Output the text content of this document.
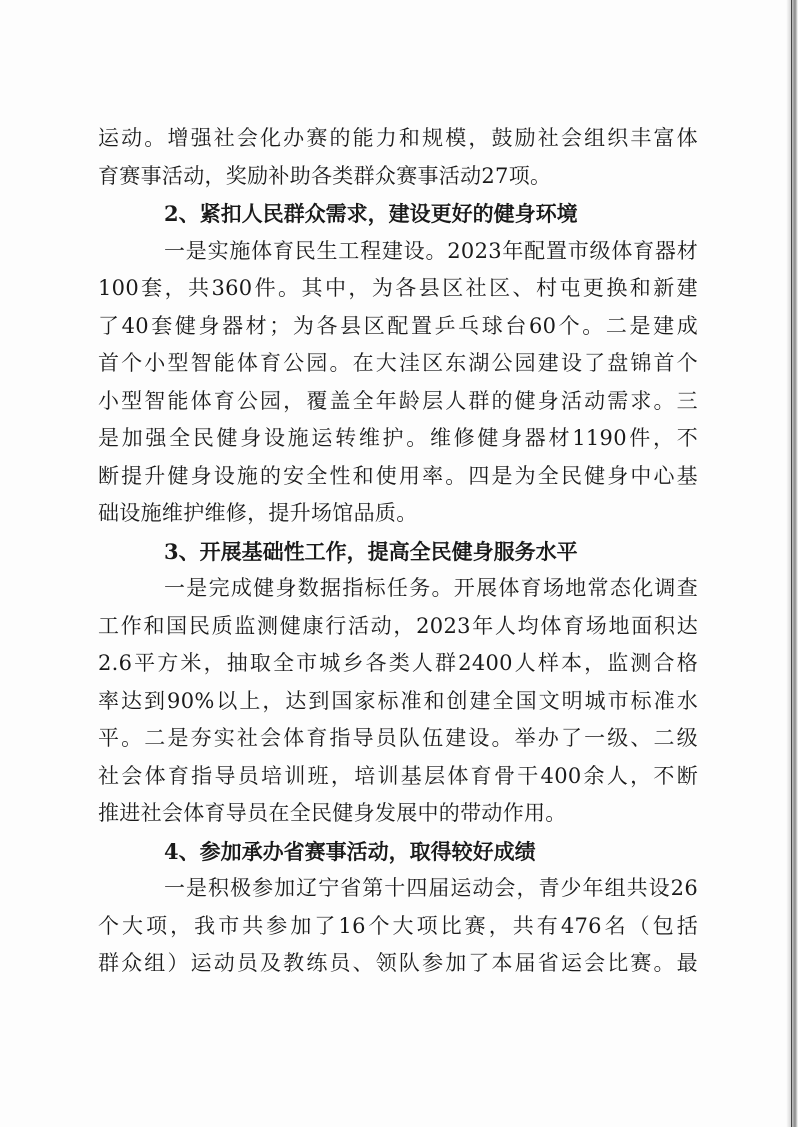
运动。增强社会化办赛的能力和规模，鼓励社会组织丰富体
育赛事活动，奖励补助各类群众赛事活动27项。
2、紧扣人民群众需求，建设更好的健身环境
一是实施体育民生工程建设。2023年配置市级体育器材
100套，共360件。其中，为各县区社区、村屯更换和新建
了40套健身器材；为各县区配置乒乓球台60个。二是建成
首个小型智能体育公园。在大洼区东湖公园建设了盘锦首个
小型智能体育公园，覆盖全年龄层人群的健身活动需求。三
是加强全民健身设施运转维护。维修健身器材1190件，不
断提升健身设施的安全性和使用率。四是为全民健身中心基
础设施维护维修，提升场馆品质。
3、开展基础性工作，提高全民健身服务水平
一是完成健身数据指标任务。开展体育场地常态化调查
工作和国民质监测健康行活动，2023年人均体育场地面积达
2.6平方米，抽取全市城乡各类人群2400人样本，监测合格
率达到90%以上，达到国家标准和创建全国文明城市标准水
平。二是夯实社会体育指导员队伍建设。举办了一级、二级
社会体育指导员培训班，培训基层体育骨干400余人，不断
推进社会体育导员在全民健身发展中的带动作用。
4、参加承办省赛事活动，取得较好成绩
一是积极参加辽宁省第十四届运动会，青少年组共设26
个大项，我市共参加了16个大项比赛，共有476名（包括
群众组）运动员及教练员、领队参加了本届省运会比赛。最
